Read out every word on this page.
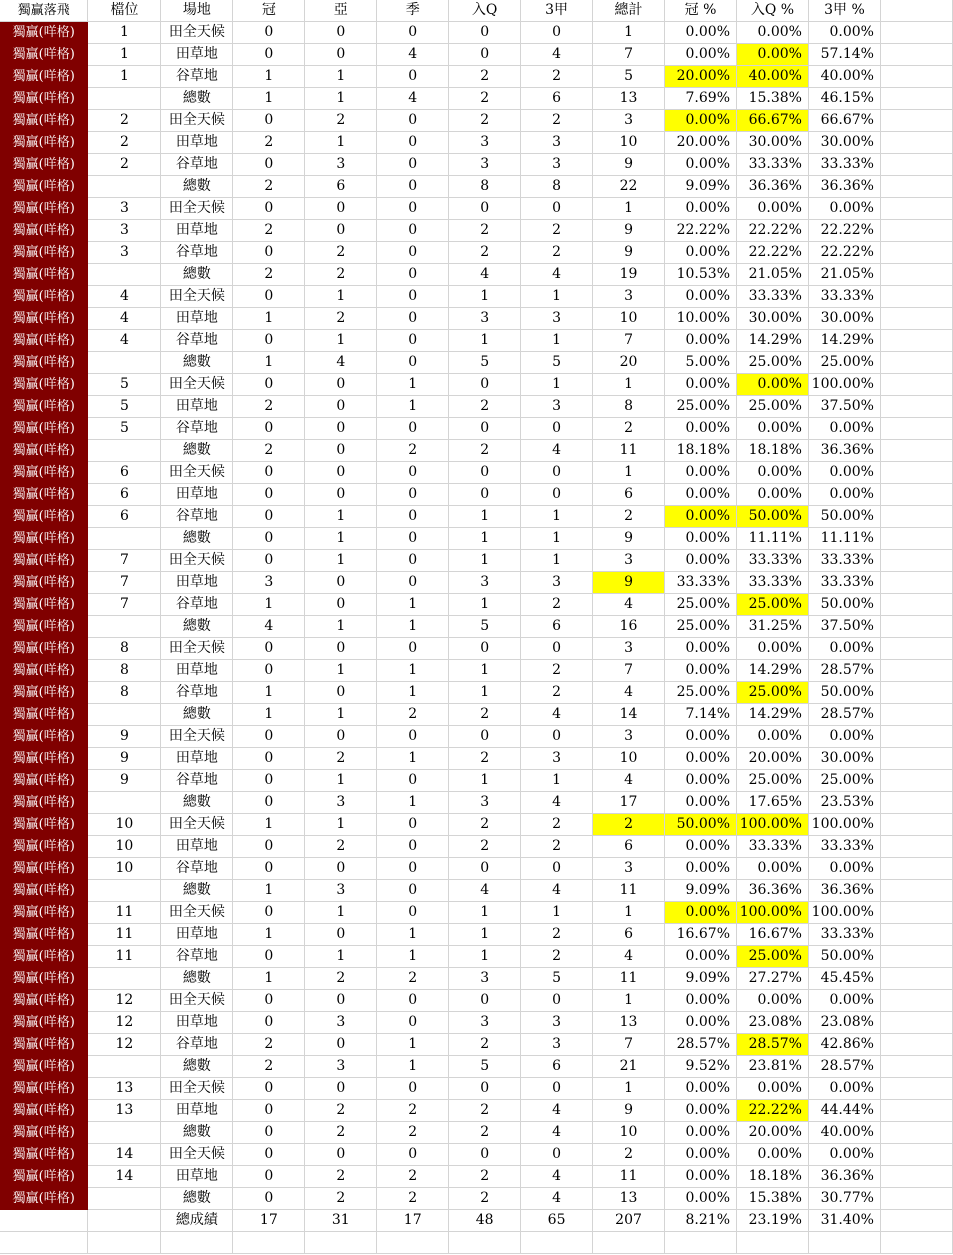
獨贏落飛	檔位	場地	冠	亞	季	入Q	3甲	總計	冠 %	入Q %	3甲 %	
獨贏(咩格)	1	田全天候	0	0	0	0	0	1	0.00%	0.00%	0.00%	
獨贏(咩格)	1	田草地	0	0	4	0	4	7	0.00%	0.00%	57.14%	
獨贏(咩格)	1	谷草地	1	1	0	2	2	5	20.00%	40.00%	40.00%	
獨贏(咩格)		總數	1	1	4	2	6	13	7.69%	15.38%	46.15%	
獨贏(咩格)	2	田全天候	0	2	0	2	2	3	0.00%	66.67%	66.67%	
獨贏(咩格)	2	田草地	2	1	0	3	3	10	20.00%	30.00%	30.00%	
獨贏(咩格)	2	谷草地	0	3	0	3	3	9	0.00%	33.33%	33.33%	
獨贏(咩格)		總數	2	6	0	8	8	22	9.09%	36.36%	36.36%	
獨贏(咩格)	3	田全天候	0	0	0	0	0	1	0.00%	0.00%	0.00%	
獨贏(咩格)	3	田草地	2	0	0	2	2	9	22.22%	22.22%	22.22%	
獨贏(咩格)	3	谷草地	0	2	0	2	2	9	0.00%	22.22%	22.22%	
獨贏(咩格)		總數	2	2	0	4	4	19	10.53%	21.05%	21.05%	
獨贏(咩格)	4	田全天候	0	1	0	1	1	3	0.00%	33.33%	33.33%	
獨贏(咩格)	4	田草地	1	2	0	3	3	10	10.00%	30.00%	30.00%	
獨贏(咩格)	4	谷草地	0	1	0	1	1	7	0.00%	14.29%	14.29%	
獨贏(咩格)		總數	1	4	0	5	5	20	5.00%	25.00%	25.00%	
獨贏(咩格)	5	田全天候	0	0	1	0	1	1	0.00%	0.00%	100.00%	
獨贏(咩格)	5	田草地	2	0	1	2	3	8	25.00%	25.00%	37.50%	
獨贏(咩格)	5	谷草地	0	0	0	0	0	2	0.00%	0.00%	0.00%	
獨贏(咩格)		總數	2	0	2	2	4	11	18.18%	18.18%	36.36%	
獨贏(咩格)	6	田全天候	0	0	0	0	0	1	0.00%	0.00%	0.00%	
獨贏(咩格)	6	田草地	0	0	0	0	0	6	0.00%	0.00%	0.00%	
獨贏(咩格)	6	谷草地	0	1	0	1	1	2	0.00%	50.00%	50.00%	
獨贏(咩格)		總數	0	1	0	1	1	9	0.00%	11.11%	11.11%	
獨贏(咩格)	7	田全天候	0	1	0	1	1	3	0.00%	33.33%	33.33%	
獨贏(咩格)	7	田草地	3	0	0	3	3	9	33.33%	33.33%	33.33%	
獨贏(咩格)	7	谷草地	1	0	1	1	2	4	25.00%	25.00%	50.00%	
獨贏(咩格)		總數	4	1	1	5	6	16	25.00%	31.25%	37.50%	
獨贏(咩格)	8	田全天候	0	0	0	0	0	3	0.00%	0.00%	0.00%	
獨贏(咩格)	8	田草地	0	1	1	1	2	7	0.00%	14.29%	28.57%	
獨贏(咩格)	8	谷草地	1	0	1	1	2	4	25.00%	25.00%	50.00%	
獨贏(咩格)		總數	1	1	2	2	4	14	7.14%	14.29%	28.57%	
獨贏(咩格)	9	田全天候	0	0	0	0	0	3	0.00%	0.00%	0.00%	
獨贏(咩格)	9	田草地	0	2	1	2	3	10	0.00%	20.00%	30.00%	
獨贏(咩格)	9	谷草地	0	1	0	1	1	4	0.00%	25.00%	25.00%	
獨贏(咩格)		總數	0	3	1	3	4	17	0.00%	17.65%	23.53%	
獨贏(咩格)	10	田全天候	1	1	0	2	2	2	50.00%	100.00%	100.00%	
獨贏(咩格)	10	田草地	0	2	0	2	2	6	0.00%	33.33%	33.33%	
獨贏(咩格)	10	谷草地	0	0	0	0	0	3	0.00%	0.00%	0.00%	
獨贏(咩格)		總數	1	3	0	4	4	11	9.09%	36.36%	36.36%	
獨贏(咩格)	11	田全天候	0	1	0	1	1	1	0.00%	100.00%	100.00%	
獨贏(咩格)	11	田草地	1	0	1	1	2	6	16.67%	16.67%	33.33%	
獨贏(咩格)	11	谷草地	0	1	1	1	2	4	0.00%	25.00%	50.00%	
獨贏(咩格)		總數	1	2	2	3	5	11	9.09%	27.27%	45.45%	
獨贏(咩格)	12	田全天候	0	0	0	0	0	1	0.00%	0.00%	0.00%	
獨贏(咩格)	12	田草地	0	3	0	3	3	13	0.00%	23.08%	23.08%	
獨贏(咩格)	12	谷草地	2	0	1	2	3	7	28.57%	28.57%	42.86%	
獨贏(咩格)		總數	2	3	1	5	6	21	9.52%	23.81%	28.57%	
獨贏(咩格)	13	田全天候	0	0	0	0	0	1	0.00%	0.00%	0.00%	
獨贏(咩格)	13	田草地	0	2	2	2	4	9	0.00%	22.22%	44.44%	
獨贏(咩格)		總數	0	2	2	2	4	10	0.00%	20.00%	40.00%	
獨贏(咩格)	14	田全天候	0	0	0	0	0	2	0.00%	0.00%	0.00%	
獨贏(咩格)	14	田草地	0	2	2	2	4	11	0.00%	18.18%	36.36%	
獨贏(咩格)		總數	0	2	2	2	4	13	0.00%	15.38%	30.77%	
		總成績	17	31	17	48	65	207	8.21%	23.19%	31.40%	
